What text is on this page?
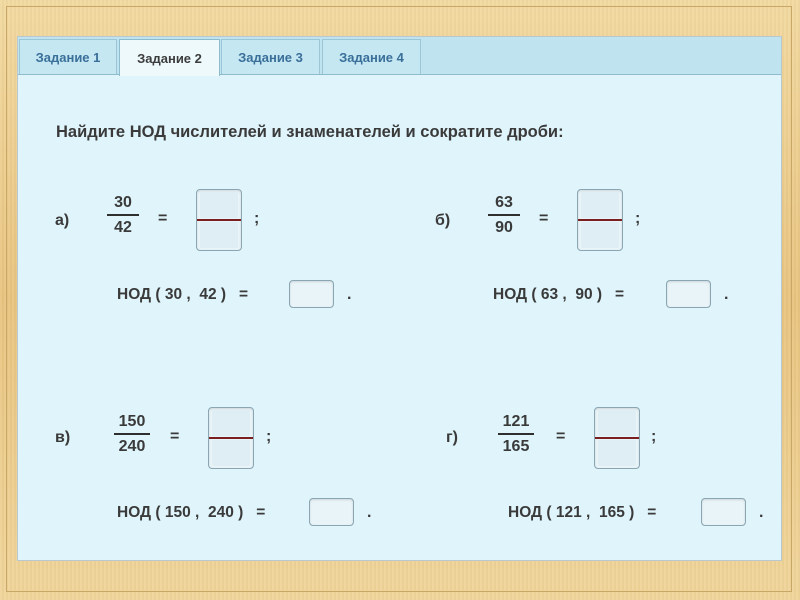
Задание 1	Задание 2	Задание 3	Задание 4
Найдите НОД числителей и знаменателей и сократите дроби:
а)
30
42
=	;
НОД ( 30 ,  42 )   =	.
б)
63
90
=	;
НОД ( 63 ,  90 )   =	.
в)
150
240
=	;
НОД ( 150 ,  240 )   =	.
г)
121
165
=	;
НОД ( 121 ,  165 )   =	.
